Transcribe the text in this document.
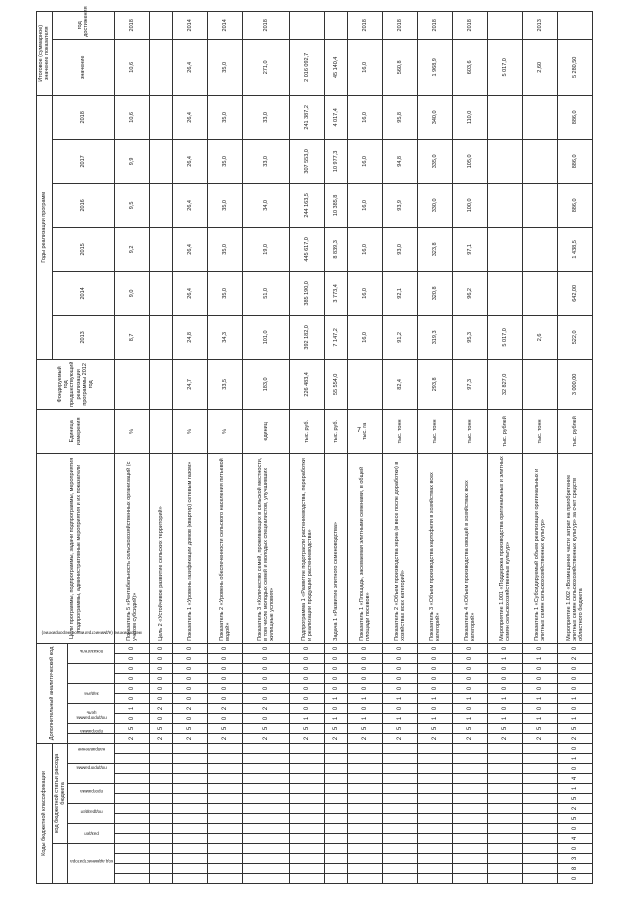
7
Коды бюджетной классификации														Дополнительный аналитический код										Цели программы, подпрограммы, задачи подпрограммы, мероприятия подпрограммы, административные мероприятия и их показатели	Единица измерения	Фондируемый год предшествующий реализации программы 2012 год	Годы реализации программ						Итоговое (суммарное) значение показателя	
				код бюджетной статьи расхода бюджета																							2013	2014	2015	2016	2017	2018	значение	год достижения
код администратора				раздел		подраздел		программа		подпрограмма		направление		программа	подпрограмма	цель		задача		мероприятие (административное мероприятие)		показатель												
														2	5	0	1	0	0	0	0	0	0	Показатель 5 «Рентабельность сельскохозяйственных организаций (с учетом субсидий)»	%		8,7	9,0	9,2	9,5	9,9	10,6	10,6	2018
														2	5	0	2	0	0	0	0	0	0	Цель 2 «Устойчивое развитие сельских территорий»										
														2	5	0	2	0	0	0	0	0	0	Показатель 1 «Уровень газификации домов (квартир) сетевым газом»	%	24,7	24,8	26,4	26,4	26,4	26,4	26,4	26,4	2014
														2	5	0	2	0	0	0	0	0	0	Показатель 2 «Уровень обеспеченности сельского населения питьевой водой»	%	33,5	34,3	35,0	35,0	35,0	35,0	35,0	35,0	2014
														2	5	0	2	0	0	0	0	0	0	Показатель 3 «Количество семей, проживающих в сельской местности, в том числе молодых семей и молодых специалистов, улучшивших жилищные условия»	единиц	183,0	101,0	51,0	19,0	34,0	33,0	33,0	271,0	2018
														2	5	1	0	0	0	0	0	0	0	Подпрограмма 1 «Развитие подотрасли растениеводства, переработки и реализации продукции растениеводства»	тыс. руб.	226 483,4	392 182,0	385 190,0	445 617,0	244 163,5	307 553,0	241 387,2	2 016 092,7	
														2	5	1	0	1	0	0	0	0	0	Задача 1 «Развитие элитного семеноводства»	тыс. руб.	55 554,0	7 147,2	3 773,4	8 839,3	10 385,8	10 977,3	4 017,4	45 140,4	
														2	5	1	0	1	0	0	0	0	0	Показатель 1 «Площадь, засеваемая элитными семенами, в общей площади посевов»	тыс. га		16,0	16,0	16,0	16,0	16,0	16,0	16,0	2018
														2	5	1	0	1	0	0	0	0	0	Показатель 2 «Объем производства зерна (в весе после доработки) в хозяйствах всех категорий»	тыс. тонн	82,4	91,2	92,1	93,0	93,9	94,8	95,8	560,8	2018
														2	5	1	0	1	0	0	0	0	0	Показатель 3 «Объем производства картофеля в хозяйствах всех категорий»	тыс. тонн	293,8	319,3	320,8	323,8	330,0	335,0	340,0	1 968,9	2018
														2	5	1	0	1	0	0	0	0	0	Показатель 4 «Объем производства овощей в хозяйствах всех категорий»	тыс. тонн	97,3	95,3	96,2	97,1	100,0	105,0	110,0	603,6	2018
														2	5	1	0	1	0	0	0	1	0	Мероприятие 1.001 «Поддержка производства оригинальных и элитных семян сельскохозяйственных культур»	тыс. рублей	32 827,0	5 017,0						5 017,0	
														2	5	1	0	1	0	0	0	1	0	Показатель 1 «Субсидируемый объем реализации оригинальных и элитных семян сельскохозяйственных культур»	тыс. тонн		2,6						2,60	2013
0	8	3	0	4	0	5	2	5	1	4	0	1	0	2	5	1	0	1	0	0	0	2	0	Мероприятие 1.002 «Возмещение части затрат на приобретение элитных семян сельскохозяйственных культур» за счет средств областного бюджета	тыс. рублей	3 000,00	522,0	642,00	1 438,5	886,0	886,0	886,0	5 280,50	
